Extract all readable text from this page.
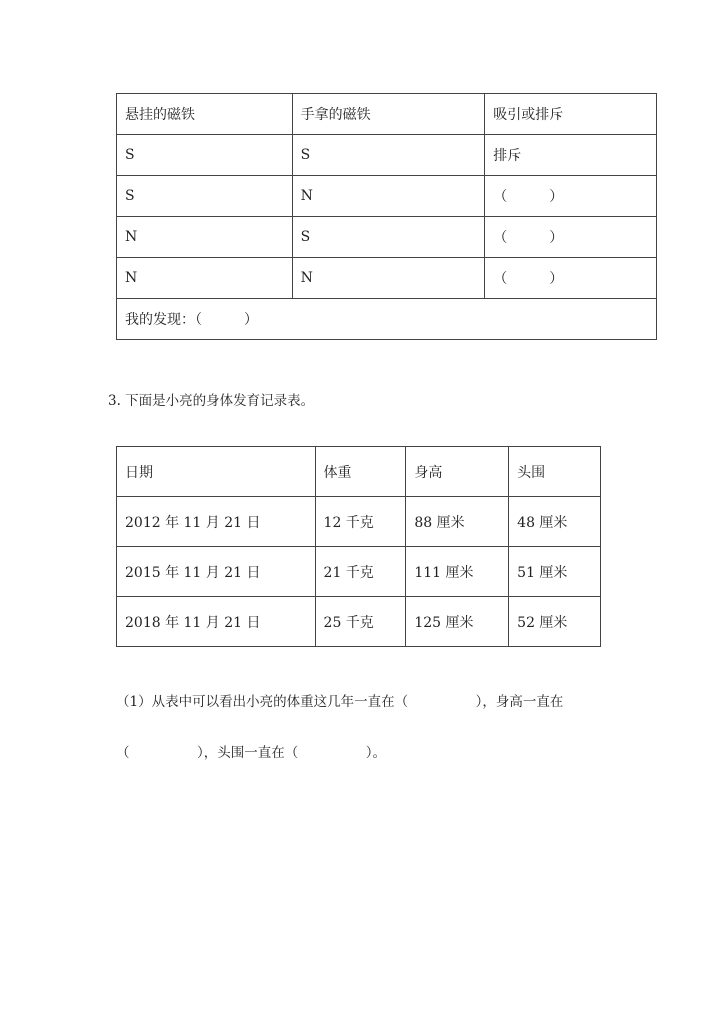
悬挂的磁铁	手拿的磁铁	吸引或排斥
S	S	排斥
S	N	（　　　）
N	S	（　　　）
N	N	（　　　）
我的发现：（　　　）		
3. 下面是小亮的身体发育记录表。
日期	体重	身高	头围
2012 年 11 月 21 日	12 千克	88 厘米	48 厘米
2015 年 11 月 21 日	21 千克	111 厘米	51 厘米
2018 年 11 月 21 日	25 千克	125 厘米	52 厘米
（1）从表中可以看出小亮的体重这几年一直在（　　　　　），身高一直在
（　　　　　），头围一直在（　　　　　）。
